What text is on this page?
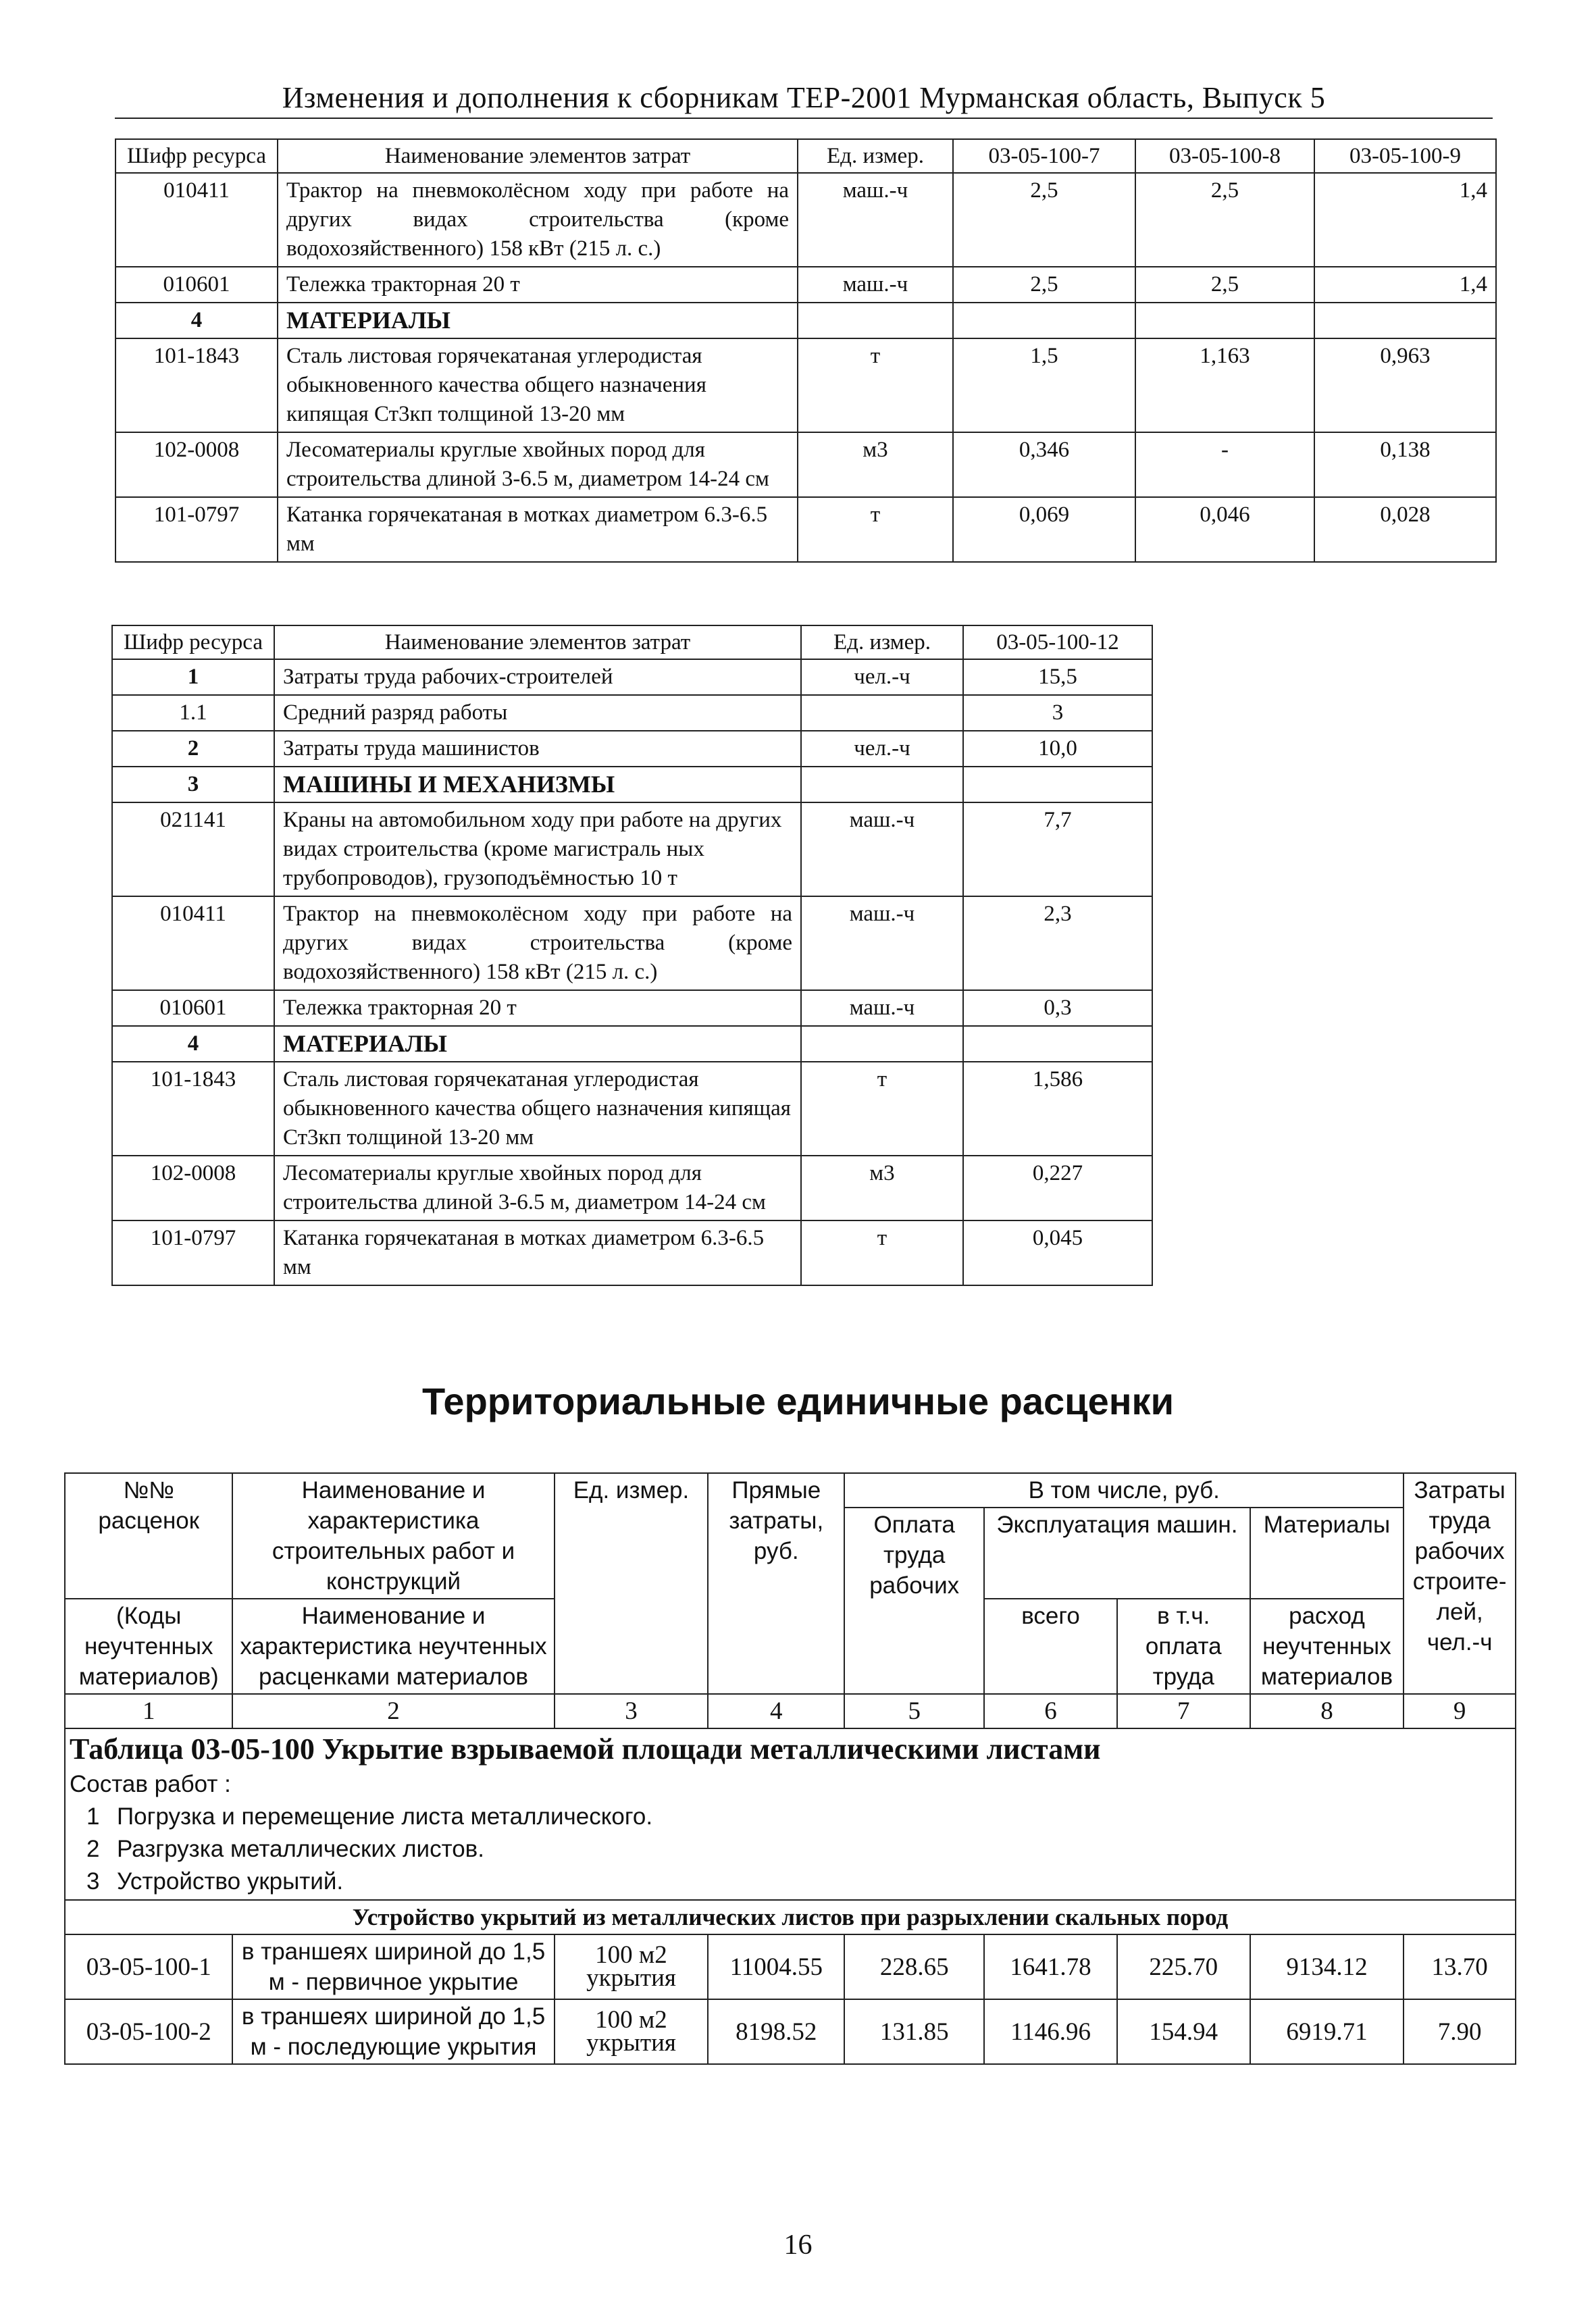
Изменения и дополнения к сборникам ТЕР-2001 Мурманская область, Выпуск 5
Шифр ресурса	Наименование элементов затрат	Ед. измер.	03-05-100-7	03-05-100-8	03-05-100-9
010411	Трактор на пневмоколёсном ходу при работе на других видах строительства (кроме водохозяйственного) 158 кВт (215 л. с.)	маш.-ч	2,5	2,5	1,4
010601	Тележка тракторная 20 т	маш.-ч	2,5	2,5	1,4
4	МАТЕРИАЛЫ				
101-1843	Сталь листовая горячекатаная углеродистая обыкновенного качества общего назначения кипящая Ст3кп толщиной 13-20 мм	т	1,5	1,163	0,963
102-0008	Лесоматериалы круглые хвойных пород для строительства длиной 3-6.5 м, диаметром 14-24 см	м3	0,346	-	0,138
101-0797	Катанка горячекатаная в мотках диаметром 6.3-6.5 мм	т	0,069	0,046	0,028
Шифр ресурса	Наименование элементов затрат	Ед. измер.	03-05-100-12
1	Затраты труда рабочих-строителей	чел.-ч	15,5
1.1	Средний разряд работы		3
2	Затраты труда машинистов	чел.-ч	10,0
3	МАШИНЫ И МЕХАНИЗМЫ		
021141	Краны на автомобильном ходу при работе на других видах строительства (кроме магистраль ных трубопроводов), грузоподъёмностью 10 т	маш.-ч	7,7
010411	Трактор на пневмоколёсном ходу при работе на других видах строительства (кроме водохозяйственного) 158 кВт (215 л. с.)	маш.-ч	2,3
010601	Тележка тракторная 20 т	маш.-ч	0,3
4	МАТЕРИАЛЫ		
101-1843	Сталь листовая горячекатаная углеродистая обыкновенного качества общего назначения кипящая Ст3кп толщиной 13-20 мм	т	1,586
102-0008	Лесоматериалы круглые хвойных пород для строительства длиной 3-6.5 м, диаметром 14-24 см	м3	0,227
101-0797	Катанка горячекатаная в мотках диаметром 6.3-6.5 мм	т	0,045
Территориальные единичные расценки
№№ расценок	Наименование и характеристика строительных работ и конструкций	Ед. измер.	Прямые затраты, руб.	В том числе, руб.				Затраты труда рабочих строите-лей, чел.-ч
				Оплата труда рабочих	Эксплуатация машин.		Материалы	
(Коды неучтенных материалов)	Наименование и характеристика неучтенных расценками материалов				всего	в т.ч. оплата труда	расход неучтенных материалов	

1	2	3	4	5	6	7	8	9

Таблица 03-05-100 Укрытие взрываемой площади металлическими листами
Состав работ :
1 Погрузка и перемещение листа металлического.
2 Разгрузка металлических листов.
3 Устройство укрытий.								

Устройство укрытий из металлических листов при разрыхлении скальных пород								
03-05-100-1	в траншеях шириной до 1,5 м - первичное укрытие	100 м2 укрытия	11004.55	228.65	1641.78	225.70	9134.12	13.70
03-05-100-2	в траншеях шириной до 1,5 м - последующие укрытия	100 м2 укрытия	8198.52	131.85	1146.96	154.94	6919.71	7.90
16
